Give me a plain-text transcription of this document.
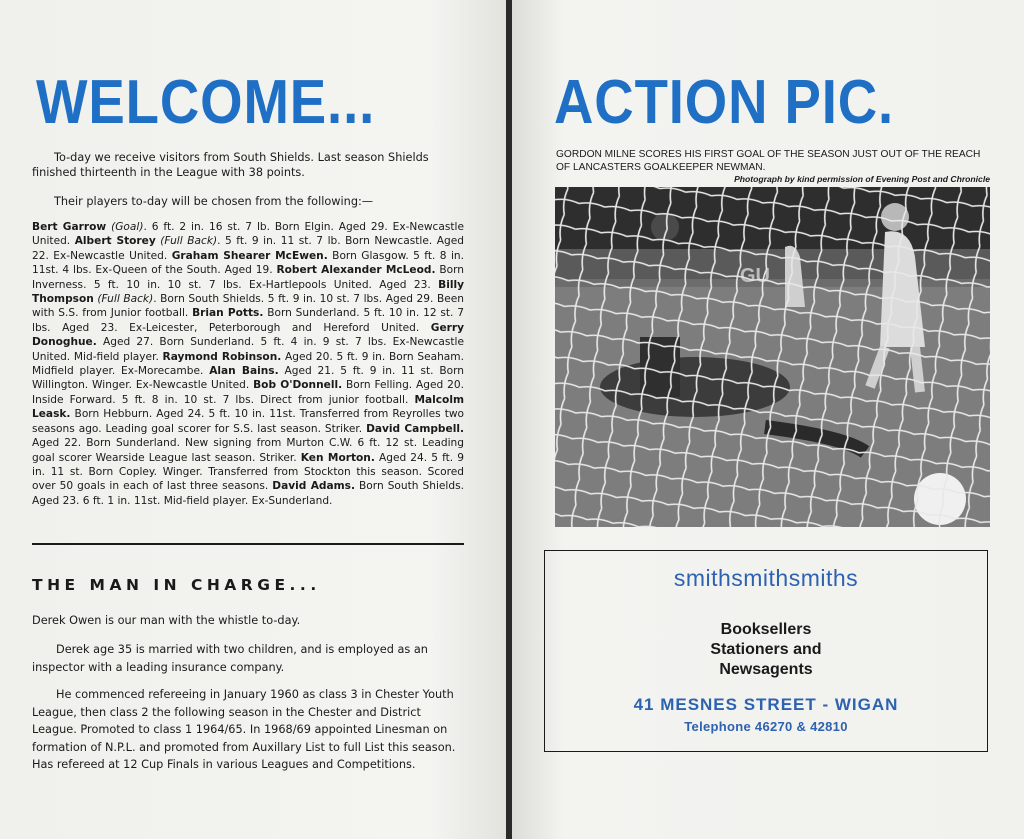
WELCOME...

To-day we receive visitors from South Shields. Last season Shields finished thirteenth in the League with 38 points.

Their players to-day will be chosen from the following:—

Bert Garrow (Goal). 6 ft. 2 in. 16 st. 7 lb. Born Elgin. Aged 29. Ex-Newcastle United. Albert Storey (Full Back). 5 ft. 9 in. 11 st. 7 lb. Born Newcastle. Aged 22. Ex-Newcastle United. Graham Shearer McEwen. Born Glasgow. 5 ft. 8 in. 11st. 4 lbs. Ex-Queen of the South. Aged 19. Robert Alexander McLeod. Born Inverness. 5 ft. 10 in. 10 st. 7 lbs. Ex-Hartlepools United. Aged 23. Billy Thompson (Full Back). Born South Shields. 5 ft. 9 in. 10 st. 7 lbs. Aged 29. Been with S.S. from Junior football. Brian Potts. Born Sunderland. 5 ft. 10 in. 12 st. 7 lbs. Aged 23. Ex-Leicester, Peterborough and Hereford United. Gerry Donoghue. Aged 27. Born Sunderland. 5 ft. 4 in. 9 st. 7 lbs. Ex-Newcastle United. Mid-field player. Raymond Robinson. Aged 20. 5 ft. 9 in. Born Seaham. Midfield player. Ex-Morecambe. Alan Bains. Aged 21. 5 ft. 9 in. 11 st. Born Willington. Winger. Ex-Newcastle United. Bob O'Donnell. Born Felling. Aged 20. Inside Forward. 5 ft. 8 in. 10 st. 7 lbs. Direct from junior football. Malcolm Leask. Born Hebburn. Aged 24. 5 ft. 10 in. 11st. Transferred from Reyrolles two seasons ago. Leading goal scorer for S.S. last season. Striker. David Campbell. Aged 22. Born Sunderland. New signing from Murton C.W. 6 ft. 12 st. Leading goal scorer Wearside League last season. Striker. Ken Morton. Aged 24. 5 ft. 9 in. 11 st. Born Copley. Winger. Transferred from Stockton this season. Scored over 50 goals in each of last three seasons. David Adams. Born South Shields. Aged 23. 6 ft. 1 in. 11st. Mid-field player. Ex-Sunderland.

THE MAN IN CHARGE...

Derek Owen is our man with the whistle to-day.

Derek age 35 is married with two children, and is employed as an inspector with a leading insurance company.

He commenced refereeing in January 1960 as class 3 in Chester Youth League, then class 2 the following season in the Chester and District League. Promoted to class 1 1964/65. In 1968/69 appointed Linesman on formation of N.P.L. and promoted from Auxillary List to full List this season. Has refereed at 12 Cup Finals in various Leagues and Competitions.

ACTION PIC.

GORDON MILNE SCORES HIS FIRST GOAL OF THE SEASON JUST OUT OF THE REACH OF LANCASTERS GOALKEEPER NEWMAN.

Photograph by kind permission of Evening Post and Chronicle
smithsmithsmiths
Booksellers
Stationers and
Newsagents
41 MESNES STREET - WIGAN
Telephone 46270 & 42810
